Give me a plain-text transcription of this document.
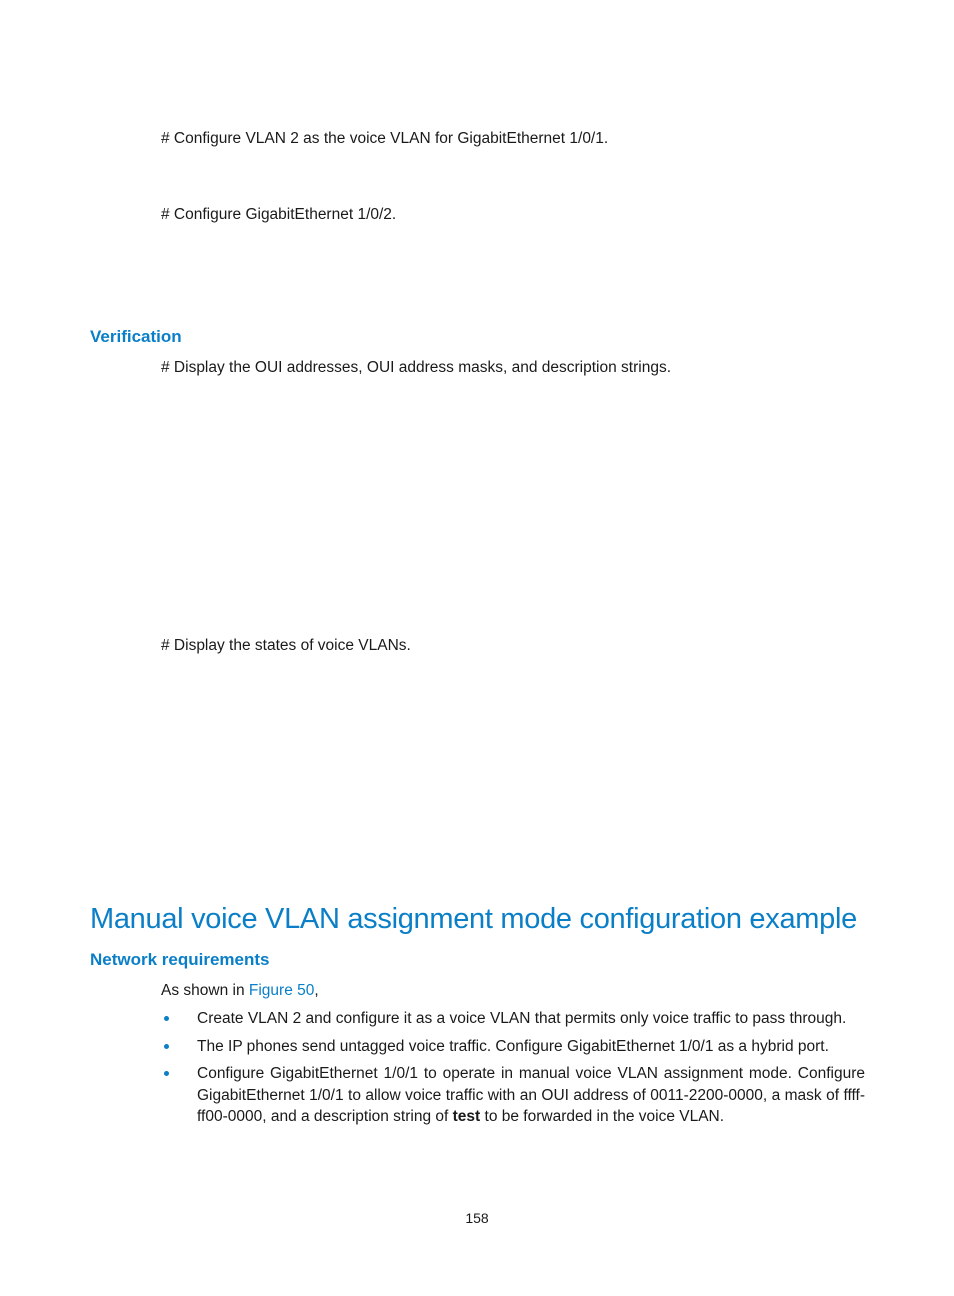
# Configure VLAN 2 as the voice VLAN for GigabitEthernet 1/0/1.
# Configure GigabitEthernet 1/0/2.
Verification
# Display the OUI addresses, OUI address masks, and description strings.
# Display the states of voice VLANs.
Manual voice VLAN assignment mode configuration example
Network requirements
As shown in Figure 50,
Create VLAN 2 and configure it as a voice VLAN that permits only voice traffic to pass through.
The IP phones send untagged voice traffic. Configure GigabitEthernet 1/0/1 as a hybrid port.
Configure GigabitEthernet 1/0/1 to operate in manual voice VLAN assignment mode. Configure GigabitEthernet 1/0/1 to allow voice traffic with an OUI address of 0011-2200-0000, a mask of ffff-ff00-0000, and a description string of test to be forwarded in the voice VLAN.
158
